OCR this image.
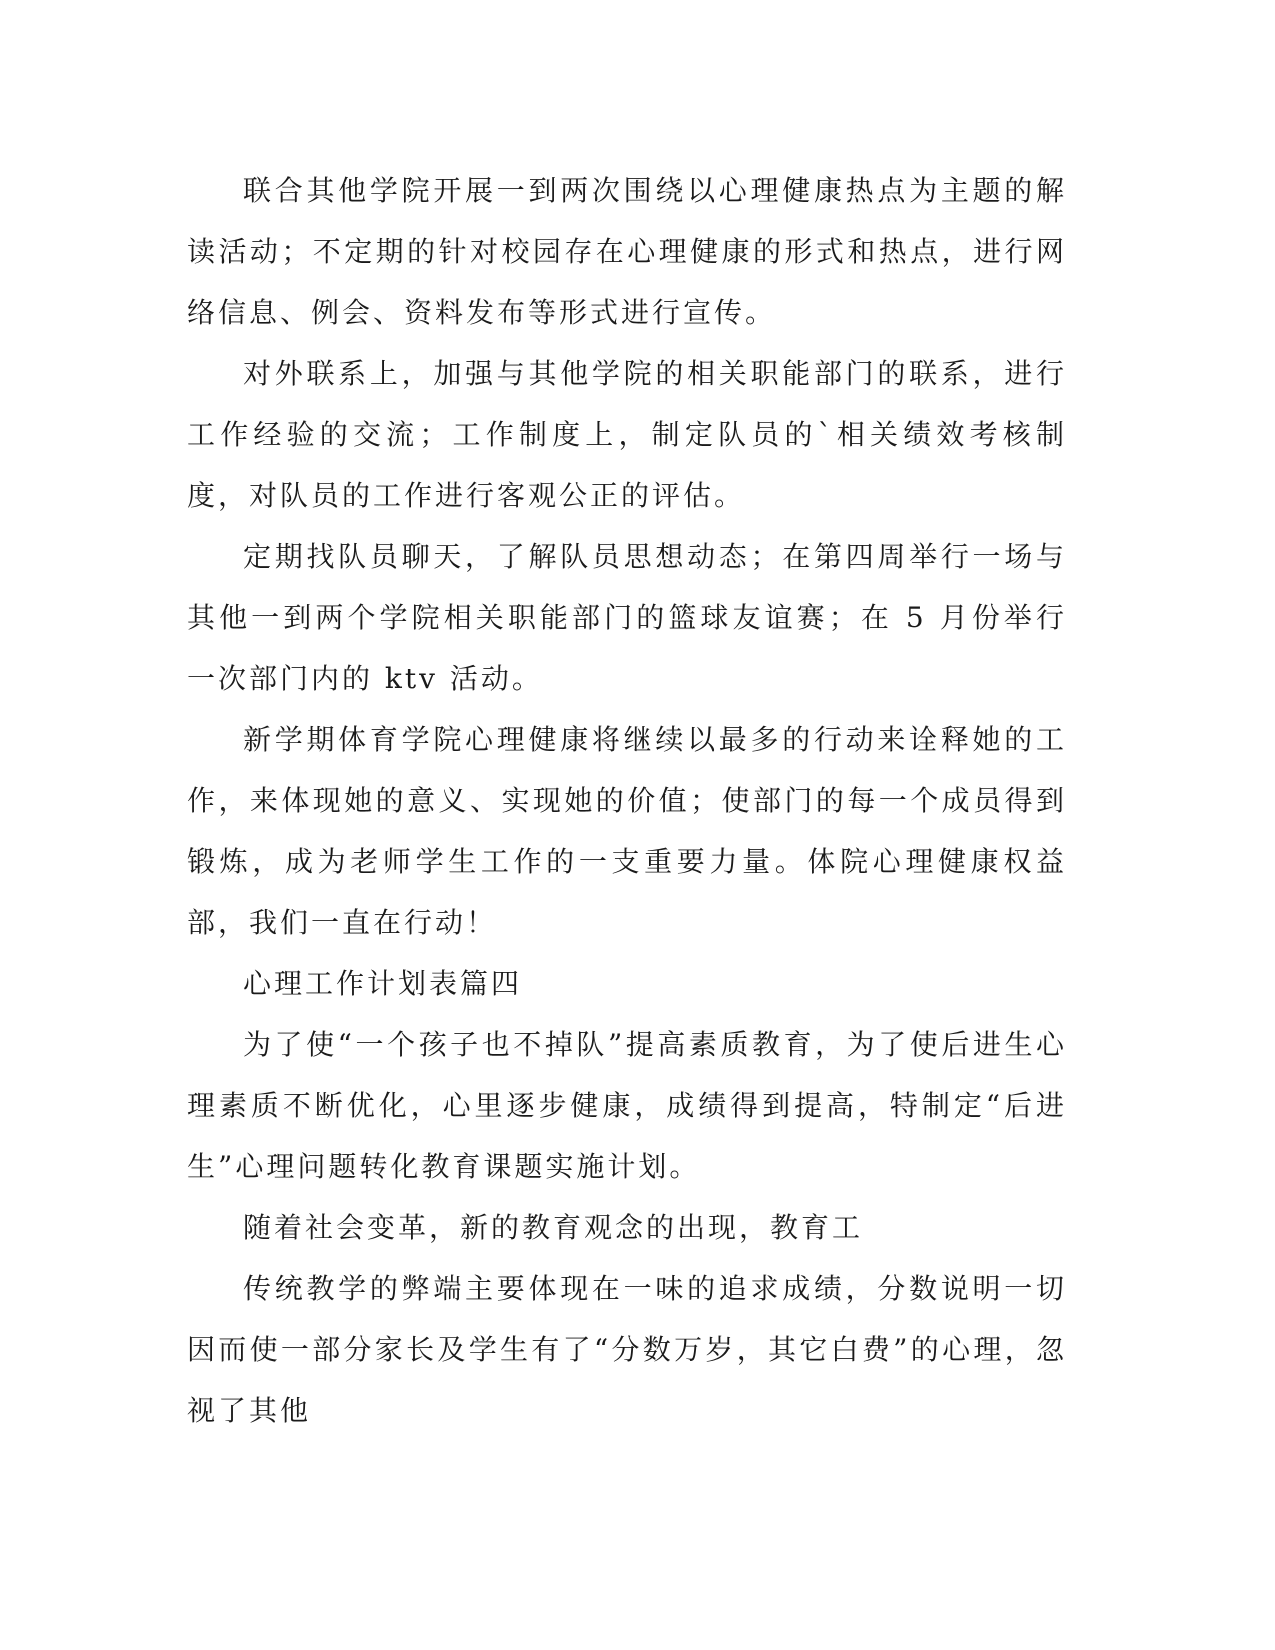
联合其他学院开展一到两次围绕以心理健康热点为主题的解读活动；不定期的针对校园存在心理健康的形式和热点，进行网络信息、例会、资料发布等形式进行宣传。

对外联系上，加强与其他学院的相关职能部门的联系，进行工作经验的交流；工作制度上，制定队员的`相关绩效考核制度，对队员的工作进行客观公正的评估。

定期找队员聊天，了解队员思想动态；在第四周举行一场与其他一到两个学院相关职能部门的篮球友谊赛；在 5 月份举行一次部门内的 ktv 活动。

新学期体育学院心理健康将继续以最多的行动来诠释她的工作，来体现她的意义、实现她的价值；使部门的每一个成员得到锻炼，成为老师学生工作的一支重要力量。体院心理健康权益部，我们一直在行动！

心理工作计划表篇四

为了使“一个孩子也不掉队”提高素质教育，为了使后进生心理素质不断优化，心里逐步健康，成绩得到提高，特制定“后进生”心理问题转化教育课题实施计划。

随着社会变革，新的教育观念的出现，教育工

传统教学的弊端主要体现在一味的追求成绩，分数说明一切因而使一部分家长及学生有了“分数万岁，其它白费”的心理，忽视了其他
